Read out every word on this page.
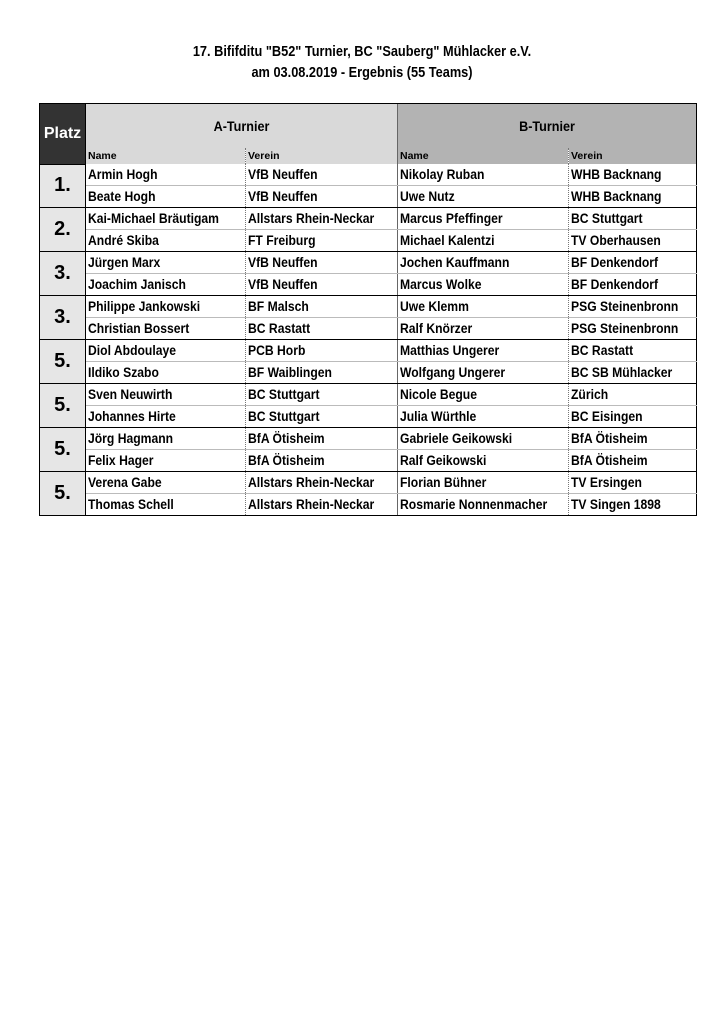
17. Bififditu "B52" Turnier, BC "Sauberg" Mühlacker e.V.
am 03.08.2019 - Ergebnis (55 Teams)
Platz	A-Turnier		B-Turnier	

	Name	Verein	Name	Verein
1.	Armin Hogh	VfB Neuffen	Nikolay Ruban	WHB Backnang
	Beate Hogh	VfB Neuffen	Uwe Nutz	WHB Backnang
2.	Kai-Michael Bräutigam	Allstars Rhein-Neckar	Marcus Pfeffinger	BC Stuttgart
	André Skiba	FT Freiburg	Michael Kalentzi	TV Oberhausen
3.	Jürgen Marx	VfB Neuffen	Jochen Kauffmann	BF Denkendorf
	Joachim Janisch	VfB Neuffen	Marcus Wolke	BF Denkendorf
3.	Philippe Jankowski	BF Malsch	Uwe Klemm	PSG Steinenbronn
	Christian Bossert	BC Rastatt	Ralf Knörzer	PSG Steinenbronn
5.	Diol Abdoulaye	PCB Horb	Matthias Ungerer	BC Rastatt
	Ildiko Szabo	BF Waiblingen	Wolfgang Ungerer	BC SB Mühlacker
5.	Sven Neuwirth	BC Stuttgart	Nicole Begue	Zürich
	Johannes Hirte	BC Stuttgart	Julia Würthle	BC Eisingen
5.	Jörg Hagmann	BfA Ötisheim	Gabriele Geikowski	BfA Ötisheim
	Felix Hager	BfA Ötisheim	Ralf Geikowski	BfA Ötisheim
5.	Verena Gabe	Allstars Rhein-Neckar	Florian Bühner	TV Ersingen
	Thomas Schell	Allstars Rhein-Neckar	Rosmarie Nonnenmacher	TV Singen 1898
